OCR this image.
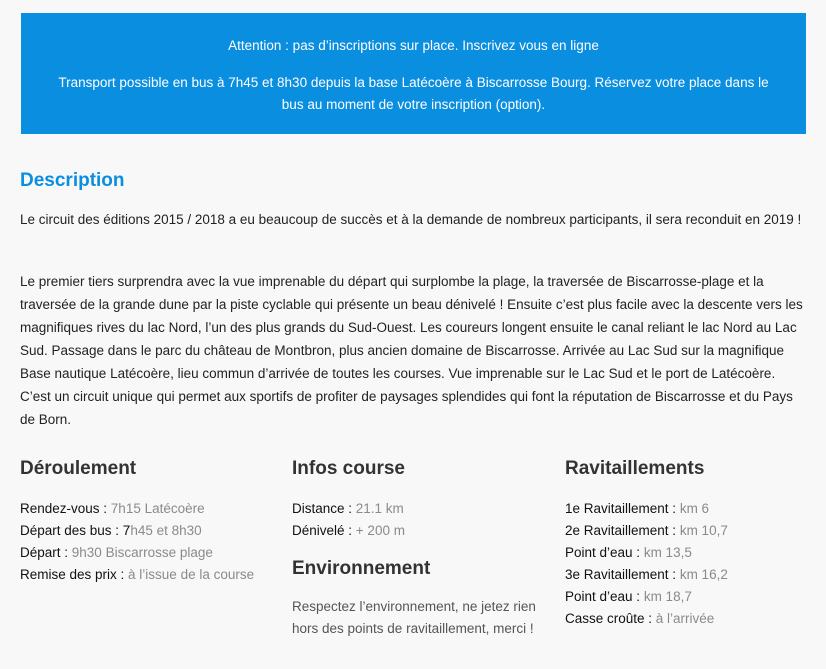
Attention : pas d’inscriptions sur place. Inscrivez vous en ligne
Transport possible en bus à 7h45 et 8h30 depuis la base Latécoère à Biscarrosse Bourg. Réservez votre place dans le bus au moment de votre inscription (option).
Description

Le circuit des éditions 2015 / 2018 a eu beaucoup de succès et à la demande de nombreux participants, il sera reconduit en 2019 !

Le premier tiers surprendra avec la vue imprenable du départ qui surplombe la plage, la traversée de Biscarrosse-plage et la traversée de la grande dune par la piste cyclable qui présente un beau dénivelé ! Ensuite c’est plus facile avec la descente vers les magnifiques rives du lac Nord, l’un des plus grands du Sud-Ouest. Les coureurs longent ensuite le canal reliant le lac Nord au Lac Sud. Passage dans le parc du château de Montbron, plus ancien domaine de Biscarrosse. Arrivée au Lac Sud sur la magnifique Base nautique Latécoère, lieu commun d’arrivée de toutes les courses. Vue imprenable sur le Lac Sud et le port de Latécoère. C’est un circuit unique qui permet aux sportifs de profiter de paysages splendides qui font la réputation de Biscarrosse et du Pays de Born.

Déroulement
Rendez-vous : 7h15 Latécoère
Départ des bus : 7h45 et 8h30
Départ : 9h30 Biscarrosse plage
Remise des prix : à l’issue de la course
Infos course
Distance : 21.1 km
Dénivelé : + 200 m
Environnement
Respectez l’environnement, ne jetez rien hors des points de ravitaillement, merci !
Ravitaillements
1e Ravitaillement : km 6
2e Ravitaillement : km 10,7
Point d’eau : km 13,5
3e Ravitaillement : km 16,2
Point d’eau : km 18,7
Casse croûte : à l’arrivée
